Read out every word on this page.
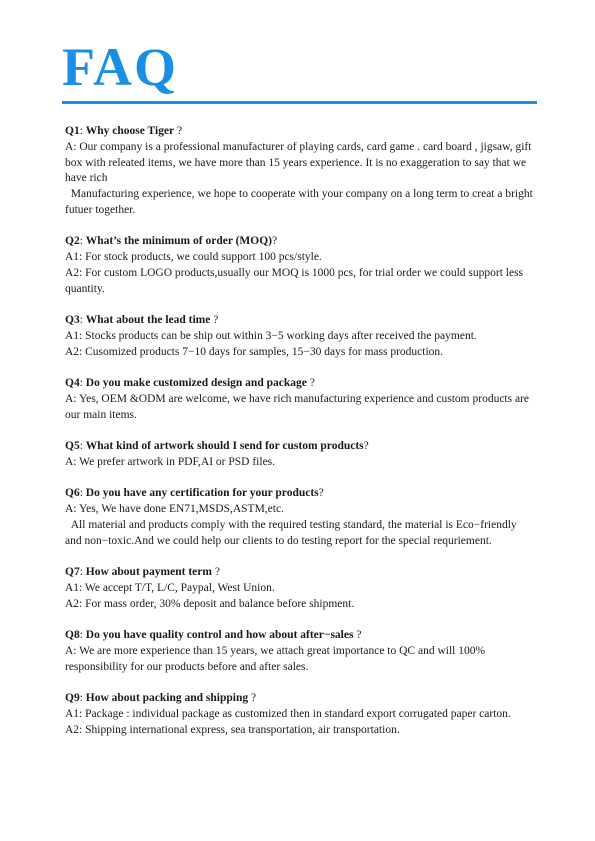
FAQ
Q1: Why choose Tiger ?

A: Our company is a professional manufacturer of playing cards, card game . card board , jigsaw, gift box with releated items, we have more than 15 years experience. It is no exaggeration to say that we have rich

Manufacturing experience, we hope to cooperate with your company on a long term to creat a bright futuer together.

Q2: What’s the minimum of order (MOQ)?

A1: For stock products, we could support 100 pcs/style.

A2: For custom LOGO products,usually our MOQ is 1000 pcs, for trial order we could support less quantity.

Q3: What about the lead time ?

A1: Stocks products can be ship out within 3−5 working days after received the payment.

A2: Cusomized products 7−10 days for samples, 15−30 days for mass production.

Q4: Do you make customized design and package ?

A: Yes, OEM &ODM are welcome, we have rich manufacturing experience and custom products are our main items.

Q5: What kind of artwork should I send for custom products?

A: We prefer artwork in PDF,AI or PSD files.

Q6: Do you have any certification for your products?

A: Yes, We have done EN71,MSDS,ASTM,etc.

All material and products comply with the required testing standard, the material is Eco−friendly and non−toxic.And we could help our clients to do testing report for the special requriement.

Q7: How about payment term ?

A1: We accept T/T, L/C, Paypal, West Union.

A2: For mass order, 30% deposit and balance before shipment.

Q8: Do you have quality control and how about after−sales ?

A: We are more experience than 15 years, we attach great importance to QC and will 100% responsibility for our products before and after sales.

Q9: How about packing and shipping ?

A1: Package : individual package as customized then in standard export corrugated paper carton.

A2: Shipping international express, sea transportation, air transportation.
